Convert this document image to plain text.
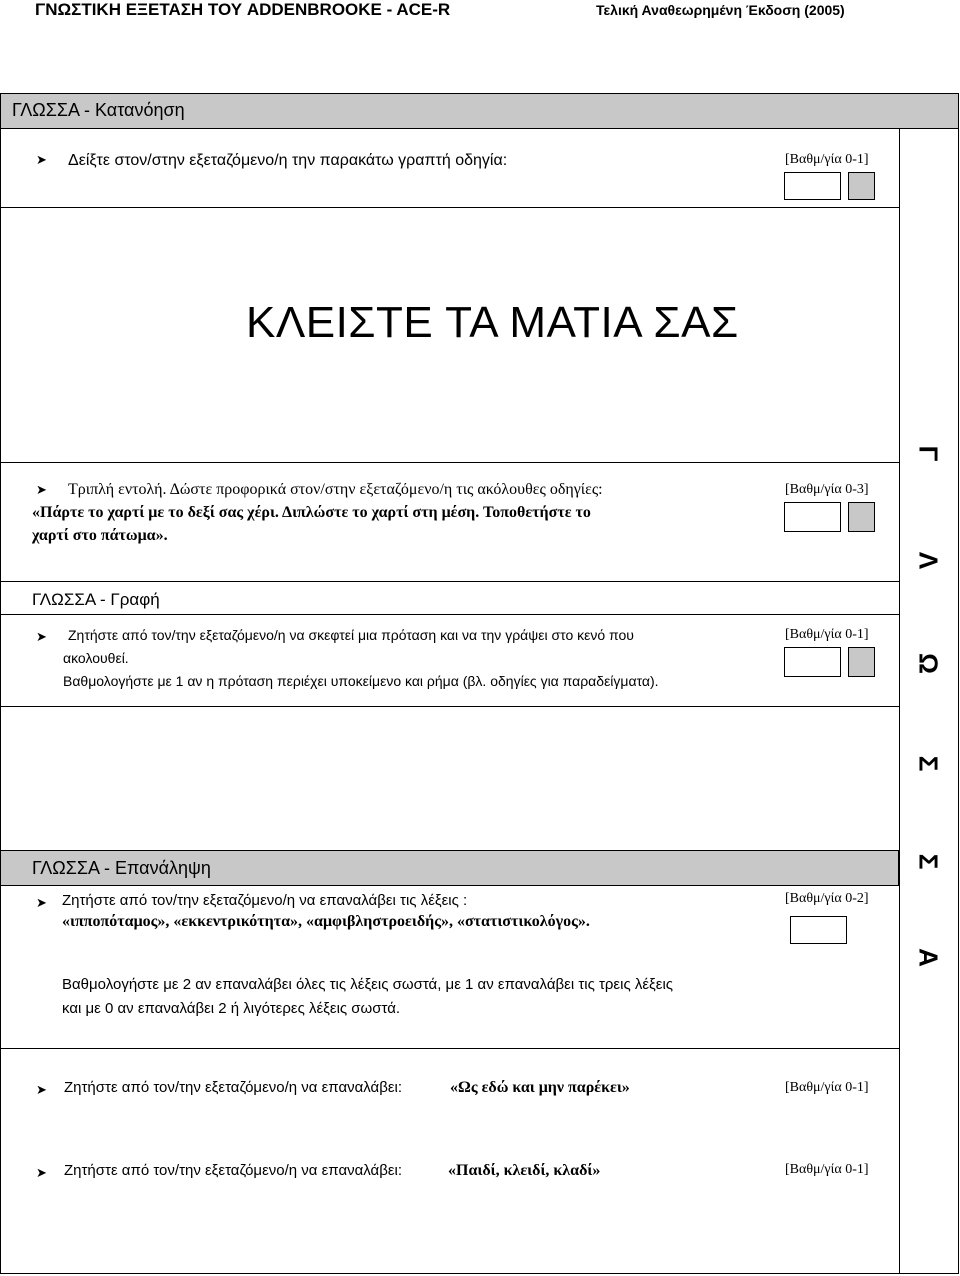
ΓΝΩΣΤΙΚΗ ΕΞΕΤΑΣΗ ΤΟΥ ADDENBROOKE - ACE-R	Τελική Αναθεωρημένη Έκδοση (2005)
ΓΛΩΣΣΑ - Κατανόηση
➤ Δείξτε στον/στην εξεταζόμενο/η την παρακάτω γραπτή οδηγία:	[Βαθμ/γία 0-1]
ΚΛΕΙΣΤΕ ΤΑ ΜΑΤΙΑ ΣΑΣ
➤ Τριπλή εντολή. Δώστε προφορικά στον/στην εξεταζόμενο/η τις ακόλουθες οδηγίες:
«Πάρτε το χαρτί με το δεξί σας χέρι. Διπλώστε το χαρτί στη μέση. Τοποθετήστε το
χαρτί στο πάτωμα».
[Βαθμ/γία 0-3]
ΓΛΩΣΣΑ - Γραφή
➤ Ζητήστε από τον/την εξεταζόμενο/η να σκεφτεί μια πρόταση και να την γράψει στο κενό που
ακολουθεί.
Βαθμολογήστε με 1 αν η πρόταση περιέχει υποκείμενο και ρήμα (βλ. οδηγίες για παραδείγματα).
[Βαθμ/γία 0-1]
ΓΛΩΣΣΑ - Επανάληψη
➤ Ζητήστε από τον/την εξεταζόμενο/η να επαναλάβει τις λέξεις :
«ιπποπόταμος», «εκκεντρικότητα», «αμφιβληστροειδής», «στατιστικολόγος».
[Βαθμ/γία 0-2]
Βαθμολογήστε με 2 αν επαναλάβει όλες τις λέξεις σωστά, με 1 αν επαναλάβει τις τρεις λέξεις
και με 0 αν επαναλάβει 2 ή λιγότερες λέξεις σωστά.
➤ Ζητήστε από τον/την εξεταζόμενο/η να επαναλάβει:	«Ως εδώ και μην παρέκει»	[Βαθμ/γία 0-1]
➤ Ζητήστε από τον/την εξεταζόμενο/η να επαναλάβει:	«Παιδί, κλειδί, κλαδί»	[Βαθμ/γία 0-1]
Γ
Λ
Ω
Σ
Σ
Α
